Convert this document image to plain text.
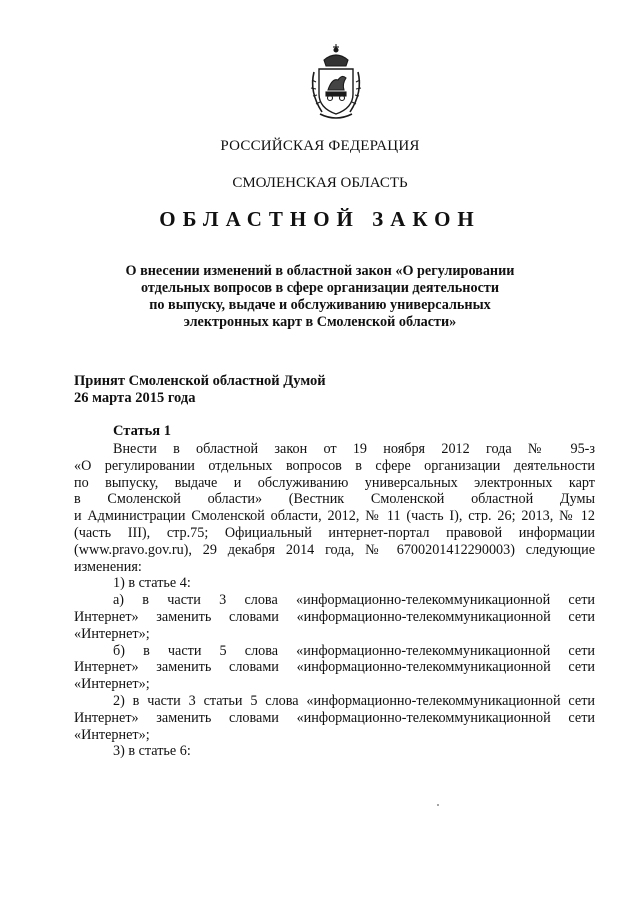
РОССИЙСКАЯ ФЕДЕРАЦИЯ
СМОЛЕНСКАЯ ОБЛАСТЬ
ОБЛАСТНОЙ ЗАКОН
О внесении изменений в областной закон «О регулировании
отдельных вопросов в сфере организации деятельности
по выпуску, выдаче и обслуживанию универсальных
электронных карт в Смоленской области»
Принят Смоленской областной Думой
26 марта 2015 года
Статья 1
Внести в областной закон от 19 ноября 2012 года № 95-з
«О регулировании отдельных вопросов в сфере организации деятельности
по выпуску, выдаче и обслуживанию универсальных электронных карт
в Смоленской области» (Вестник Смоленской областной Думы
и Администрации Смоленской области, 2012, № 11 (часть I), стр. 26; 2013, № 12
(часть III), стр.75; Официальный интернет-портал правовой информации
(www.pravo.gov.ru), 29 декабря 2014 года, № 6700201412290003) следующие
изменения:
1) в статье 4:
а) в части 3 слова «информационно-телекоммуникационной сети
Интернет» заменить словами «информационно-телекоммуникационной сети
«Интернет»;
б) в части 5 слова «информационно-телекоммуникационной сети
Интернет» заменить словами «информационно-телекоммуникационной сети
«Интернет»;
2) в части 3 статьи 5 слова «информационно-телекоммуникационной сети
Интернет» заменить словами «информационно-телекоммуникационной сети
«Интернет»;
3) в статье 6:
